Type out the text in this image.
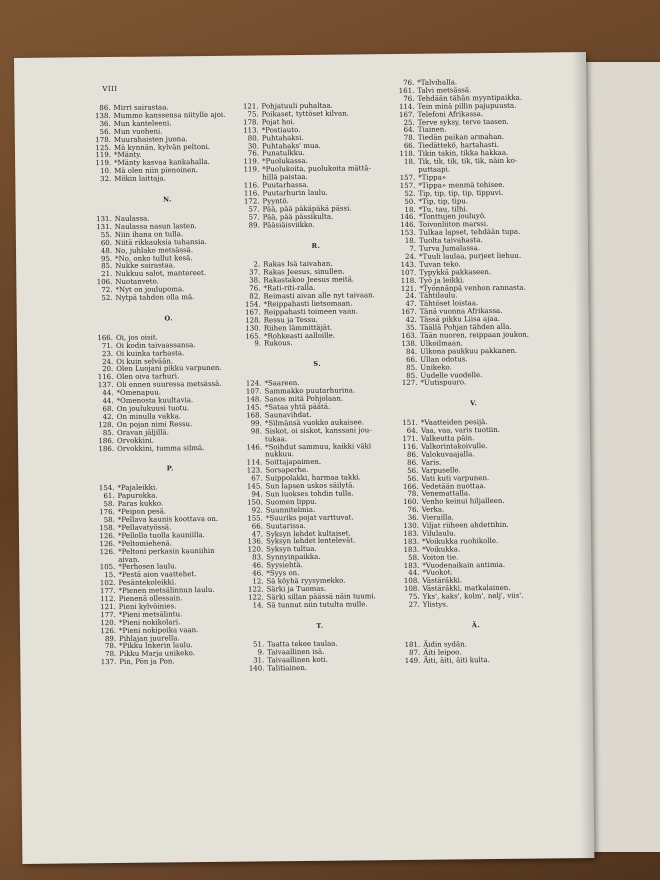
VIII
86. Mirri sairastaa.
138. Mummo kanssensa niitylle ajoi.
36. Mun kanteleeni.
56. Mun vuoheni.
178. Muurahaisten juona.
125. Mä kynnän, kylvän peltoni.
119. *Mänty.
119. *Mänty kasvaa kankahalla.
10. Mä olen niin pienoinen.
32. Mökin laittaja.
N.
131. Naulassa.
131. Naulassa nasun lasten.
55. Niin ihana on tulla.
60. Niitä rikkauksia tuhansia.
48. No, juhlako metsässä.
95. *No, onko tullut kesä.
85. Nukke sairastaa.
21. Nukkuu salot, mantereet.
106. Nuotanveto.
72. *Nyt on joulupoma.
52. Nytpä tahdon olla mä.
O.
166. Oi, jos oisit.
71. Oi kodin taivaassansa.
23. Oi kuinka tarhasta.
24. Oi kuin selvään.
20. Olen Luojani pikku varpunen.
116. Olen oiva tarhuri.
137. Oli ennen suuressa metsässä.
44. *Omenapuu.
44. *Omenosta kuultavia.
68. On joulukuusi tuotu.
42. On minulla vakka.
128. On pojan nimi Ressu.
85. Oravan jäljillä.
186. Orvokkini.
186. Orvokkini, tumma silmä.
P.
154. *Pajaleikki.
61. Papurokka.
58. Paras kukko.
176. *Peipon pesä.
58. *Pellava kaunis koottava on.
158. *Pellavatyössä.
126. *Pellolla tuolla kauniilla.
126. *Peltomiehenä.
126. *Peltoni perkasin kauniihin
aivan.
105. *Perhosen laulu.
15. *Pestä aion vaattehet.
102. Pesäntekoleikki.
177. *Pienen metsälinnun laulu.
112. Pienenä ollessain.
121. Pieni kylvöinies.
177. *Pieni metsälintu.
120. *Pieni nokikolari.
126. *Pieni nokipoika vaan.
89. Pihlajan juurella.
78. *Pikku Inkerin laulu.
78. Pikku Marja unikeko.
137. Pin, Pön ja Pon.
121. Pohjatuuli puhaltaa.
75. Poikaset, tyttöset kilvan.
178. Pojat hoi.
113. *Postiauto.
80. Puhtahaksi.
30. Puhtahaks' mua.
76. Punatulkku.
119. *Puolukassa.
119. *Puolukoita, puolukoita mättä-
hillä paistaa.
116. Puutarhassa.
116. Puutarhurin laulu.
172. Pyyntö.
57. Pää, pää päkäpäkä pässi.
57. Pää, pää pässikulta.
89. Pääsiäisviikko.
R.
2. Rakas Isä taivahan.
37. Rakas Jeesus, sinullen.
38. Rakastakoo Jeesus meitä.
76. *Rati-riti-ralla.
82. Reimasti aivan alle nyt taivaan.
154. *Reippahasti lietsomaan.
167. Reippahasti toimeen vaan.
128. Ressu ja Tessu.
130. Riihen lämmittäjät.
165. *Rohkeasti aalloille.
9. Rukous.
S.
124. *Saareen.
107. Sammakko puutarhurina.
148. Sanos mitä Pohjolaan.
145. *Sataa yhtä päätä.
168. Saunavihdat.
99. *Silmänsä vuokko aukaisee.
98. Siskot, oi siskot, kanssani jou-
tukaa.
146. *Soihdut sammuu, kaikki väki
nukkuu.
114. Soittajapaimen.
123. Sorsaperhe.
67. Suippolakki, harmaa takki.
145. Sun lapsen uskos säilytä.
94. Sun luokses tohdin tulla.
150. Suomen lippu.
92. Suunnitelmia.
155. *Suuriks pojat varttuvat.
66. Suutarissa.
47. Syksyn lehdet kultaiset.
136. Syksyn lehdet lentelevät.
120. Syksyn tultua.
83. Synnyinpaikka.
46. Syysiehtä.
46. *Syys on.
12. Sä köyhä ryysymekko.
122. Särki ja Tuomas.
122. Särki sillan päässä näin tuumi.
14. Sä tunnut niin tutulta mulle.
T.
51. Taatta tekee taulaa.
9. Taivaallinen isä.
31. Taivaallinen koti.
140. Talitiainen.
76. *Talvihalla.
161. Talvi metsässä.
76. Tehdään tähän myyntipaikka.
114. Tein minä pillin pajupuusta.
167. Telefoni Afrikassa.
25. Terve syksy, terve taasen.
64. Tiainen.
78. Tiedän paikan armahan.
66. Tiedättekö, hartahasti.
118. Tikin takin, tikka hakkaa.
18. Tik, tik, tik, tik, tik, näin ko-
puttaapi.
157. *Tippa»
157. *Tippa» menmä tohisee.
52. Tip, tip, tip, tip, tippuvi.
50. *Tip, tip, tipu.
18. *Tu, tau, tilhi.
146. *Tonttujen jouluyö.
146. Toivonliiton marssi.
153. Tulkaa lapset, tehdään tupa.
18. Tuolta taivahasta.
7. Turva Jumalassa.
24. *Tuuli laulaa, purjeet liehuu.
143. Tuvan teko.
107. Typykkä pakkaseen.
118. Työ ja leikki.
121. *Työnnänpä venhon rannasta.
24. Tähtilaulu.
47. Tähtöset loistaa.
167. Tänä vuonna Afrikassa.
42. Tässä pikku Liisa ajaa.
35. Täällä Pohjan tähden alla.
163. Tään nuoren, reippaan joukon.
138. Ulkoilmaan.
84. Ulkona paukkuu pakkanen.
66. Ullan odotus.
85. Unikeko.
85. Uudelle vuodelle.
127. *Uutispuuro.
V.
151. *Vaatteiden pesijä.
64. Vaa, vaa, varis tuotiin.
171. Valkeutta päin.
116. Valkorintakoivulle.
86. Valokuvaajalla.
86. Varis.
56. Varpuselle.
56. Vati kuti varpunen.
166. Vedetään nuottaa.
78. Venemattalla.
160. Venho keinui hiljalleen.
76. Verka.
36. Vierailla.
130. Viljat riiheen ahdettihin.
183. Vilulaulu.
183. *Voikukka ruohikolle.
183. *Voikukka.
58. Voiton tie.
183. *Vuodenaikain antimia.
44. *Vuokot.
108. Västäräkki.
108. Västäräkki, matkalainen.
75. Yks', kaks', kolm', nelj', viis'.
27. Ylistys.
Ä.
181. Äidin sydän.
87. Äiti leipoo.
149. Äiti, äiti, äiti kulta.
